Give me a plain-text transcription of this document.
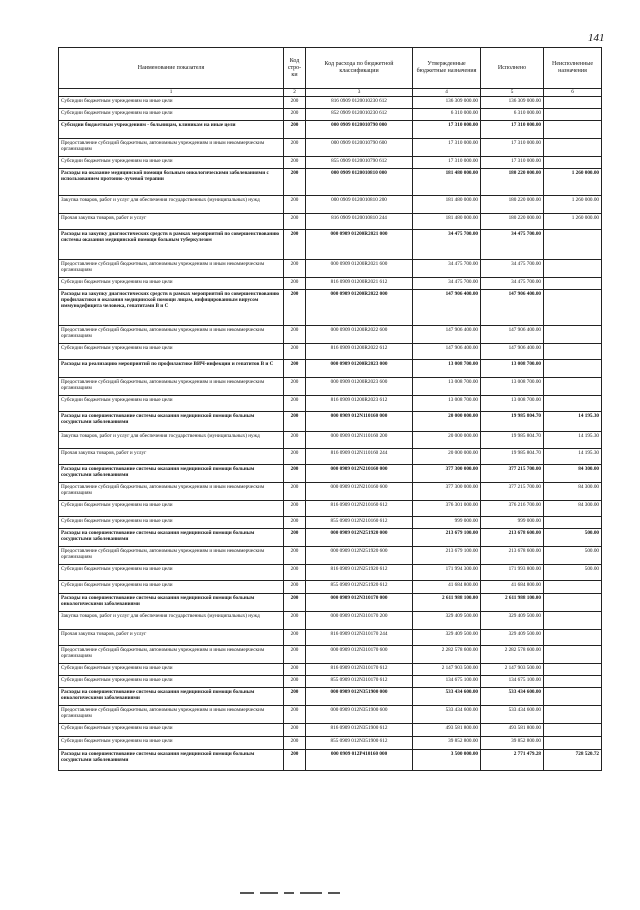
141
Наименование показателя	Код стро-ки	Код расхода по бюджетной классификации	Утвержденные бюджетные назначения	Исполнено	Неисполненные назначения
1	2	3	4	5	6
Субсидии бюджетным учреждениям на иные цели	200	816 0909 0120010230 612	136 309 000.00	136 309 000.00	
Субсидии бюджетным учреждениям на иные цели	200	852 0909 0120010230 612	6 310 000.00	6 310 000.00	
Субсидии бюджетным учреждениям - больницам, клиникам на иные цели	200	000 0909 0120010790 000	17 310 000.00	17 310 000.00	
Предоставление субсидий бюджетным, автономным учреждениям и иным некоммерческим организациям	200	000 0909 0120010790 600	17 310 000.00	17 310 000.00	
Субсидии бюджетным учреждениям на иные цели	200	855 0909 0120010790 612	17 310 000.00	17 310 000.00	
Расходы на оказание медицинской помощи больным онкологическими заболеваниями с использованием протонно-лучевой терапии	200	000 0909 0120010810 000	181 480 000.00	180 220 000.00	1 260 000.00
Закупка товаров, работ и услуг для обеспечения государственных (муниципальных) нужд	200	000 0909 0120010810 200	181 480 000.00	180 220 000.00	1 260 000.00
Прочая закупка товаров, работ и услуг	200	816 0909 0120010810 244	181 480 000.00	180 220 000.00	1 260 000.00
Расходы на закупку диагностических средств в рамках мероприятий по совершенствованию системы оказания медицинской помощи больным туберкулезом	200	000 0909 01200R2021 000	34 475 700.00	34 475 700.00	
Предоставление субсидий бюджетным, автономным учреждениям и иным некоммерческим организациям	200	000 0909 01200R2021 600	34 475 700.00	34 475 700.00	
Субсидии бюджетным учреждениям на иные цели	200	816 0909 01200R2021 612	34 475 700.00	34 475 700.00	
Расходы на закупку диагностических средств в рамках мероприятий по совершенствованию профилактики и оказания медицинской помощи лицам, инфицированным вирусом иммунодефицита человека, гепатитами В и С	200	000 0909 01200R2022 000	147 906 400.00	147 906 400.00	
Предоставление субсидий бюджетным, автономным учреждениям и иным некоммерческим организациям	200	000 0909 01200R2022 600	147 906 400.00	147 906 400.00	
Субсидии бюджетным учреждениям на иные цели	200	816 0909 01200R2022 612	147 906 400.00	147 906 400.00	
Расходы на реализацию мероприятий по профилактике ВИЧ-инфекции и гепатитов В и С	200	000 0909 01200R2023 000	13 008 700.00	13 008 700.00	
Предоставление субсидий бюджетным, автономным учреждениям и иным некоммерческим организациям	200	000 0909 01200R2023 600	13 008 700.00	13 008 700.00	
Субсидии бюджетным учреждениям на иные цели	200	816 0909 01200R2023 612	13 008 700.00	13 008 700.00	
Расходы на совершенствование системы оказания медицинской помощи больным сосудистыми заболеваниями	200	000 0909 012N110160 000	20 000 000.00	19 985 804.70	14 195.30
Закупка товаров, работ и услуг для обеспечения государственных (муниципальных) нужд	200	000 0909 012N110160 200	20 000 000.00	19 985 804.70	14 195.30
Прочая закупка товаров, работ и услуг	200	816 0909 012N110160 244	20 000 000.00	19 985 804.70	14 195.30
Расходы на совершенствование системы оказания медицинской помощи больным сосудистыми заболеваниями	200	000 0909 012N210160 000	377 300 000.00	377 215 700.00	84 300.00
Предоставление субсидий бюджетным, автономным учреждениям и иным некоммерческим организациям	200	000 0909 012N210160 600	377 300 000.00	377 215 700.00	84 300.00
Субсидии бюджетным учреждениям на иные цели	200	816 0909 012N210160 612	376 301 000.00	376 216 700.00	84 300.00
Субсидии бюджетным учреждениям на иные цели	200	855 0909 012N210160 612	999 000.00	999 000.00	
Расходы на совершенствование системы оказания медицинской помощи больным сосудистыми заболеваниями	200	000 0909 012N251920 000	213 679 100.00	213 678 600.00	500.00
Предоставление субсидий бюджетным, автономным учреждениям и иным некоммерческим организациям	200	000 0909 012N251920 600	213 679 100.00	213 678 600.00	500.00
Субсидии бюджетным учреждениям на иные цели	200	816 0909 012N251920 612	171 994 300.00	171 993 800.00	500.00
Субсидии бюджетным учреждениям на иные цели	200	855 0909 012N251920 612	41 684 800.00	41 684 800.00	
Расходы на совершенствование системы оказания медицинской помощи больным онкологическими заболеваниями	200	000 0909 012N310170 000	2 611 988 100.00	2 611 988 100.00	
Закупка товаров, работ и услуг для обеспечения государственных (муниципальных) нужд	200	000 0909 012N310170 200	329 409 500.00	329 409 500.00	
Прочая закупка товаров, работ и услуг	200	816 0909 012N310170 244	329 409 500.00	329 409 500.00	
Предоставление субсидий бюджетным, автономным учреждениям и иным некоммерческим организациям	200	000 0909 012N310170 600	2 282 578 600.00	2 282 578 600.00	
Субсидии бюджетным учреждениям на иные цели	200	816 0909 012N310170 612	2 147 903 500.00	2 147 903 500.00	
Субсидии бюджетным учреждениям на иные цели	200	855 0909 012N310170 612	134 675 100.00	134 675 100.00	
Расходы на совершенствование системы оказания медицинской помощи больным онкологическими заболеваниями	200	000 0909 012N351900 000	533 434 600.00	533 434 600.00	
Предоставление субсидий бюджетным, автономным учреждениям и иным некоммерческим организациям	200	000 0909 012N351900 600	533 434 600.00	533 434 600.00	
Субсидии бюджетным учреждениям на иные цели	200	816 0909 012N351900 612	493 581 800.00	493 581 800.00	
Субсидии бюджетным учреждениям на иные цели	200	855 0909 012N351900 612	39 852 800.00	39 852 800.00	
Расходы на совершенствование системы оказания медицинской помощи больным сосудистыми заболеваниями	200	000 0909 012P410160 000	3 500 000.00	2 771 479.28	728 520.72
